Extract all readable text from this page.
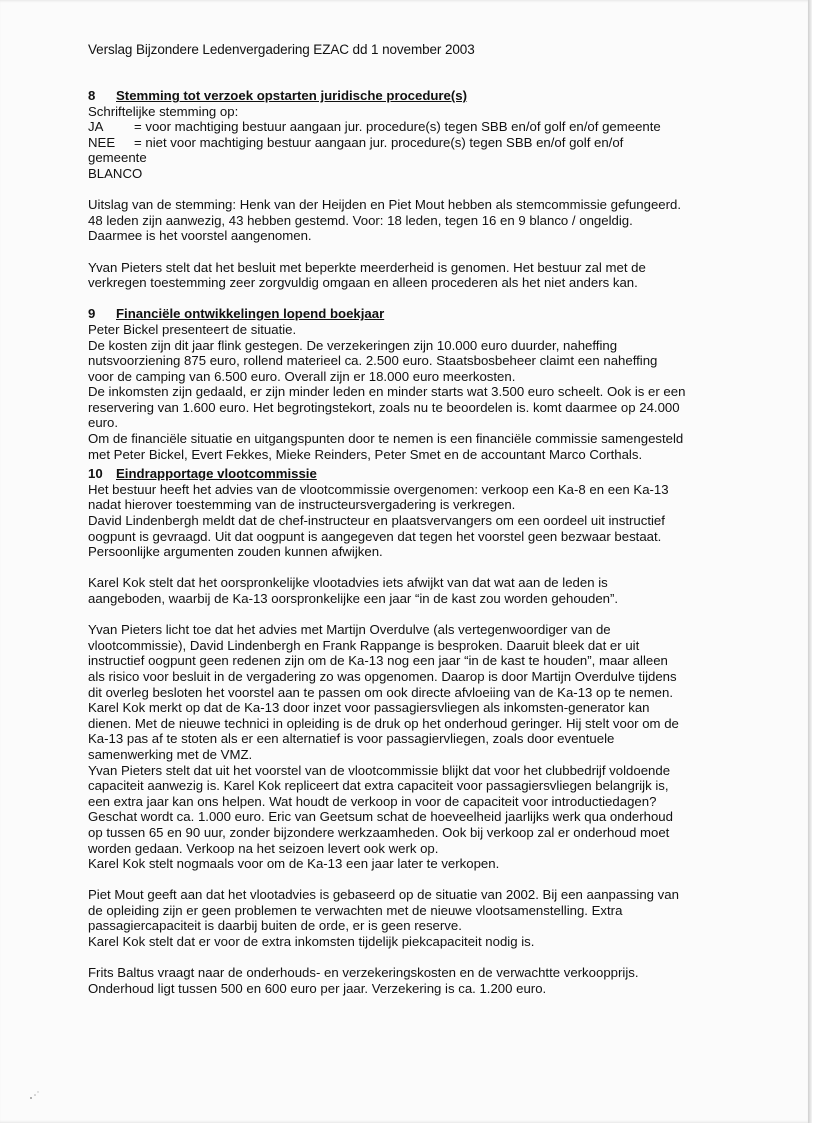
Verslag Bijzondere Ledenvergadering EZAC dd 1 november 2003
8	Stemming tot verzoek opstarten juridische procedure(s)

Schriftelijke stemming op:

JA	= voor machtiging bestuur aangaan jur. procedure(s) tegen SBB en/of golf en/of gemeente
NEE	= niet voor machtiging bestuur aangaan jur. procedure(s) tegen SBB en/of golf en/of

gemeente

BLANCO

Uitslag van de stemming: Henk van der Heijden en Piet Mout hebben als stemcommissie gefungeerd.

48 leden zijn aanwezig, 43 hebben gestemd. Voor: 18 leden, tegen 16 en 9 blanco / ongeldig.

Daarmee is het voorstel aangenomen.

Yvan Pieters stelt dat het besluit met beperkte meerderheid is genomen. Het bestuur zal met de

verkregen toestemming zeer zorgvuldig omgaan en alleen procederen als het niet anders kan.

9	Financiële ontwikkelingen lopend boekjaar

Peter Bickel presenteert de situatie.

De kosten zijn dit jaar flink gestegen. De verzekeringen zijn 10.000 euro duurder, naheffing

nutsvoorziening 875 euro, rollend materieel ca. 2.500 euro. Staatsbosbeheer claimt een naheffing

voor de camping van 6.500 euro. Overall zijn er 18.000 euro meerkosten.

De inkomsten zijn gedaald, er zijn minder leden en minder starts wat 3.500 euro scheelt. Ook is er een

reservering van 1.600 euro. Het begrotingstekort, zoals nu te beoordelen is. komt daarmee op 24.000

euro.

Om de financiële situatie en uitgangspunten door te nemen is een financiële commissie samengesteld

met Peter Bickel, Evert Fekkes, Mieke Reinders, Peter Smet en de accountant Marco Corthals.

10	Eindrapportage vlootcommissie

Het bestuur heeft het advies van de vlootcommissie overgenomen: verkoop een Ka-8 en een Ka-13

nadat hierover toestemming van de instructeursvergadering is verkregen.

David Lindenbergh meldt dat de chef-instructeur en plaatsvervangers om een oordeel uit instructief

oogpunt is gevraagd. Uit dat oogpunt is aangegeven dat tegen het voorstel geen bezwaar bestaat.

Persoonlijke argumenten zouden kunnen afwijken.

Karel Kok stelt dat het oorspronkelijke vlootadvies iets afwijkt van dat wat aan de leden is

aangeboden, waarbij de Ka-13 oorspronkelijke een jaar “in de kast zou worden gehouden”.

Yvan Pieters licht toe dat het advies met Martijn Overdulve (als vertegenwoordiger van de

vlootcommissie), David Lindenbergh en Frank Rappange is besproken. Daaruit bleek dat er uit

instructief oogpunt geen redenen zijn om de Ka-13 nog een jaar “in de kast te houden”, maar alleen

als risico voor besluit in de vergadering zo was opgenomen. Daarop is door Martijn Overdulve tijdens

dit overleg besloten het voorstel aan te passen om ook directe afvloeiing van de Ka-13 op te nemen.

Karel Kok merkt op dat de Ka-13 door inzet voor passagiersvliegen als inkomsten-generator kan

dienen. Met de nieuwe technici in opleiding is de druk op het onderhoud geringer. Hij stelt voor om de

Ka-13 pas af te stoten als er een alternatief is voor passagiervliegen, zoals door eventuele

samenwerking met de VMZ.

Yvan Pieters stelt dat uit het voorstel van de vlootcommissie blijkt dat voor het clubbedrijf voldoende

capaciteit aanwezig is. Karel Kok repliceert dat extra capaciteit voor passagiersvliegen belangrijk is,

een extra jaar kan ons helpen. Wat houdt de verkoop in voor de capaciteit voor introductiedagen?

Geschat wordt ca. 1.000 euro. Eric van Geetsum schat de hoeveelheid jaarlijks werk qua onderhoud

op tussen 65 en 90 uur, zonder bijzondere werkzaamheden. Ook bij verkoop zal er onderhoud moet

worden gedaan. Verkoop na het seizoen levert ook werk op.

Karel Kok stelt nogmaals voor om de Ka-13 een jaar later te verkopen.

Piet Mout geeft aan dat het vlootadvies is gebaseerd op de situatie van 2002. Bij een aanpassing van

de opleiding zijn er geen problemen te verwachten met de nieuwe vlootsamenstelling. Extra

passagiercapaciteit is daarbij buiten de orde, er is geen reserve.

Karel Kok stelt dat er voor de extra inkomsten tijdelijk piekcapaciteit nodig is.

Frits Baltus vraagt naar de onderhouds- en verzekeringskosten en de verwachtte verkoopprijs.

Onderhoud ligt tussen 500 en 600 euro per jaar. Verzekering is ca. 1.200 euro.
